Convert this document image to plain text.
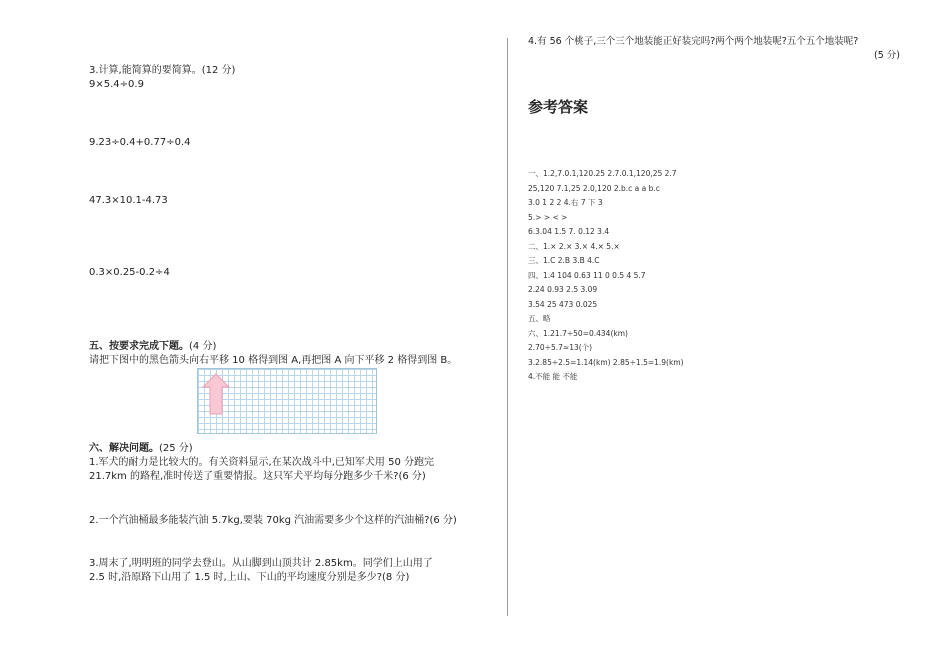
3.计算,能简算的要简算。(12 分)
9×5.4÷0.9
9.23÷0.4+0.77÷0.4
47.3×10.1-4.73
0.3×0.25-0.2÷4
五、按要求完成下题。(4 分)
请把下图中的黑色箭头向右平移 10 格得到图 A,再把图 A 向下平移 2 格得到图 B。
六、解决问题。(25 分)
1.军犬的耐力是比较大的。有关资料显示,在某次战斗中,已知军犬用 50 分跑完
21.7km 的路程,准时传送了重要情报。这只军犬平均每分跑多少千米?(6 分)
2.一个汽油桶最多能装汽油 5.7kg,要装 70kg 汽油需要多少个这样的汽油桶?(6 分)
3.周末了,明明班的同学去登山。从山脚到山顶共计 2.85km。同学们上山用了
2.5 时,沿原路下山用了 1.5 时,上山、下山的平均速度分别是多少?(8 分)
4.有 56 个桃子,三个三个地装能正好装完吗?两个两个地装呢?五个五个地装呢?
(5 分)
参考答案
一、1.2,7.0.1,120.25 2.7.0.1,120,25 2.7
25,120 7.1,25 2.0,120 2.b.c a a b.c
3.0 1 2 2 4.右 7 下 3
5.> > < >
6.3.04 1.5 7. 0.12 3.4
二、1.× 2.× 3.× 4.× 5.×
三、1.C 2.B 3.B 4.C
四、1.4 104 0.63 11 0 0.5 4 5.7
2.24 0.93 2.5 3.09
3.54 25 473 0.025
五、略
六、1.21.7÷50=0.434(km)
2.70÷5.7≈13(个)
3.2.85÷2.5=1.14(km) 2.85÷1.5=1.9(km)
4.不能 能 不能
